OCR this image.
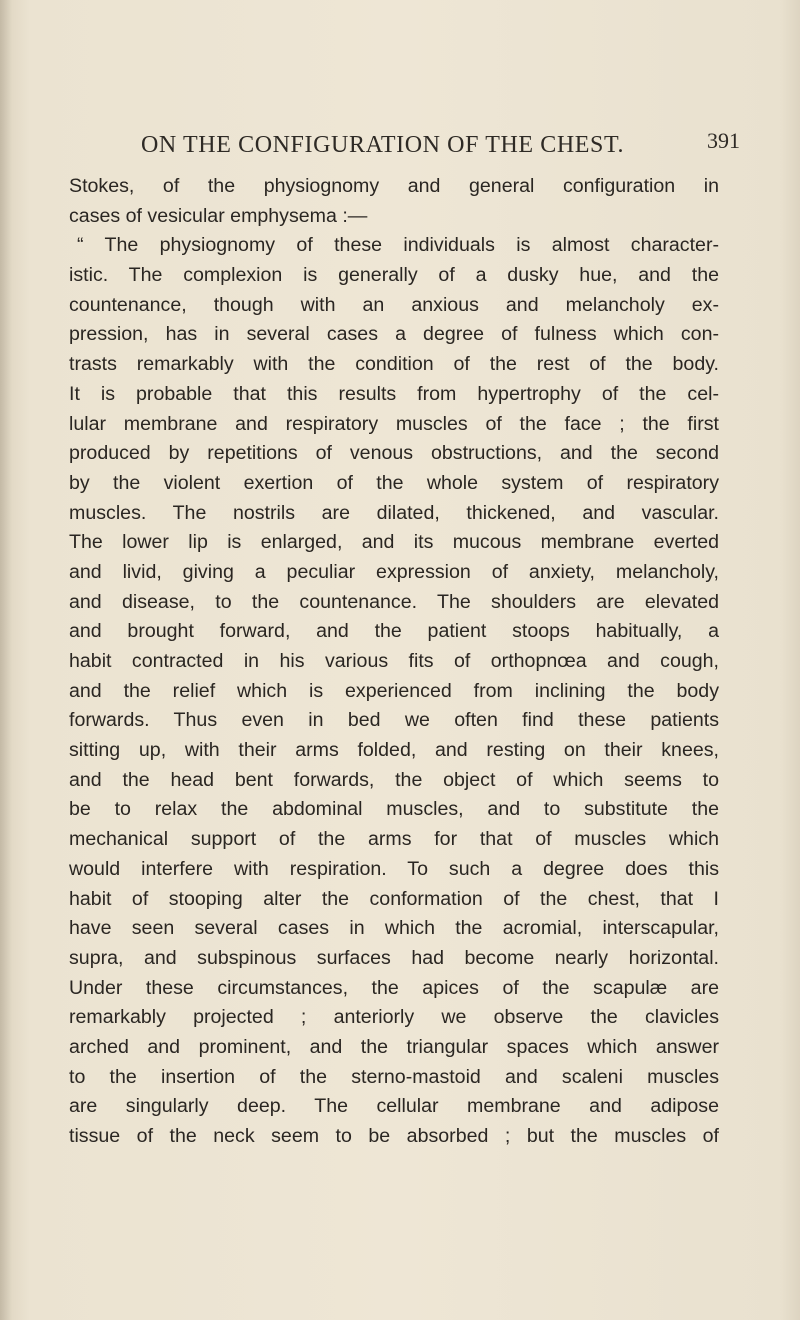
ON THE CONFIGURATION OF THE CHEST.	391
Stokes, of the physiognomy and general configuration in
cases of vesicular emphysema :—
“ The physiognomy of these individuals is almost character-
istic. The complexion is generally of a dusky hue, and the
countenance, though with an anxious and melancholy ex-
pression, has in several cases a degree of fulness which con-
trasts remarkably with the condition of the rest of the body.
It is probable that this results from hypertrophy of the cel-
lular membrane and respiratory muscles of the face ; the first
produced by repetitions of venous obstructions, and the second
by the violent exertion of the whole system of respiratory
muscles. The nostrils are dilated, thickened, and vascular.
The lower lip is enlarged, and its mucous membrane everted
and livid, giving a peculiar expression of anxiety, melancholy,
and disease, to the countenance. The shoulders are elevated
and brought forward, and the patient stoops habitually, a
habit contracted in his various fits of orthopnœa and cough,
and the relief which is experienced from inclining the body
forwards. Thus even in bed we often find these patients
sitting up, with their arms folded, and resting on their knees,
and the head bent forwards, the object of which seems to
be to relax the abdominal muscles, and to substitute the
mechanical support of the arms for that of muscles which
would interfere with respiration. To such a degree does this
habit of stooping alter the conformation of the chest, that I
have seen several cases in which the acromial, interscapular,
supra, and subspinous surfaces had become nearly horizontal.
Under these circumstances, the apices of the scapulæ are
remarkably projected ; anteriorly we observe the clavicles
arched and prominent, and the triangular spaces which answer
to the insertion of the sterno-mastoid and scaleni muscles
are singularly deep. The cellular membrane and adipose
tissue of the neck seem to be absorbed ; but the muscles of
